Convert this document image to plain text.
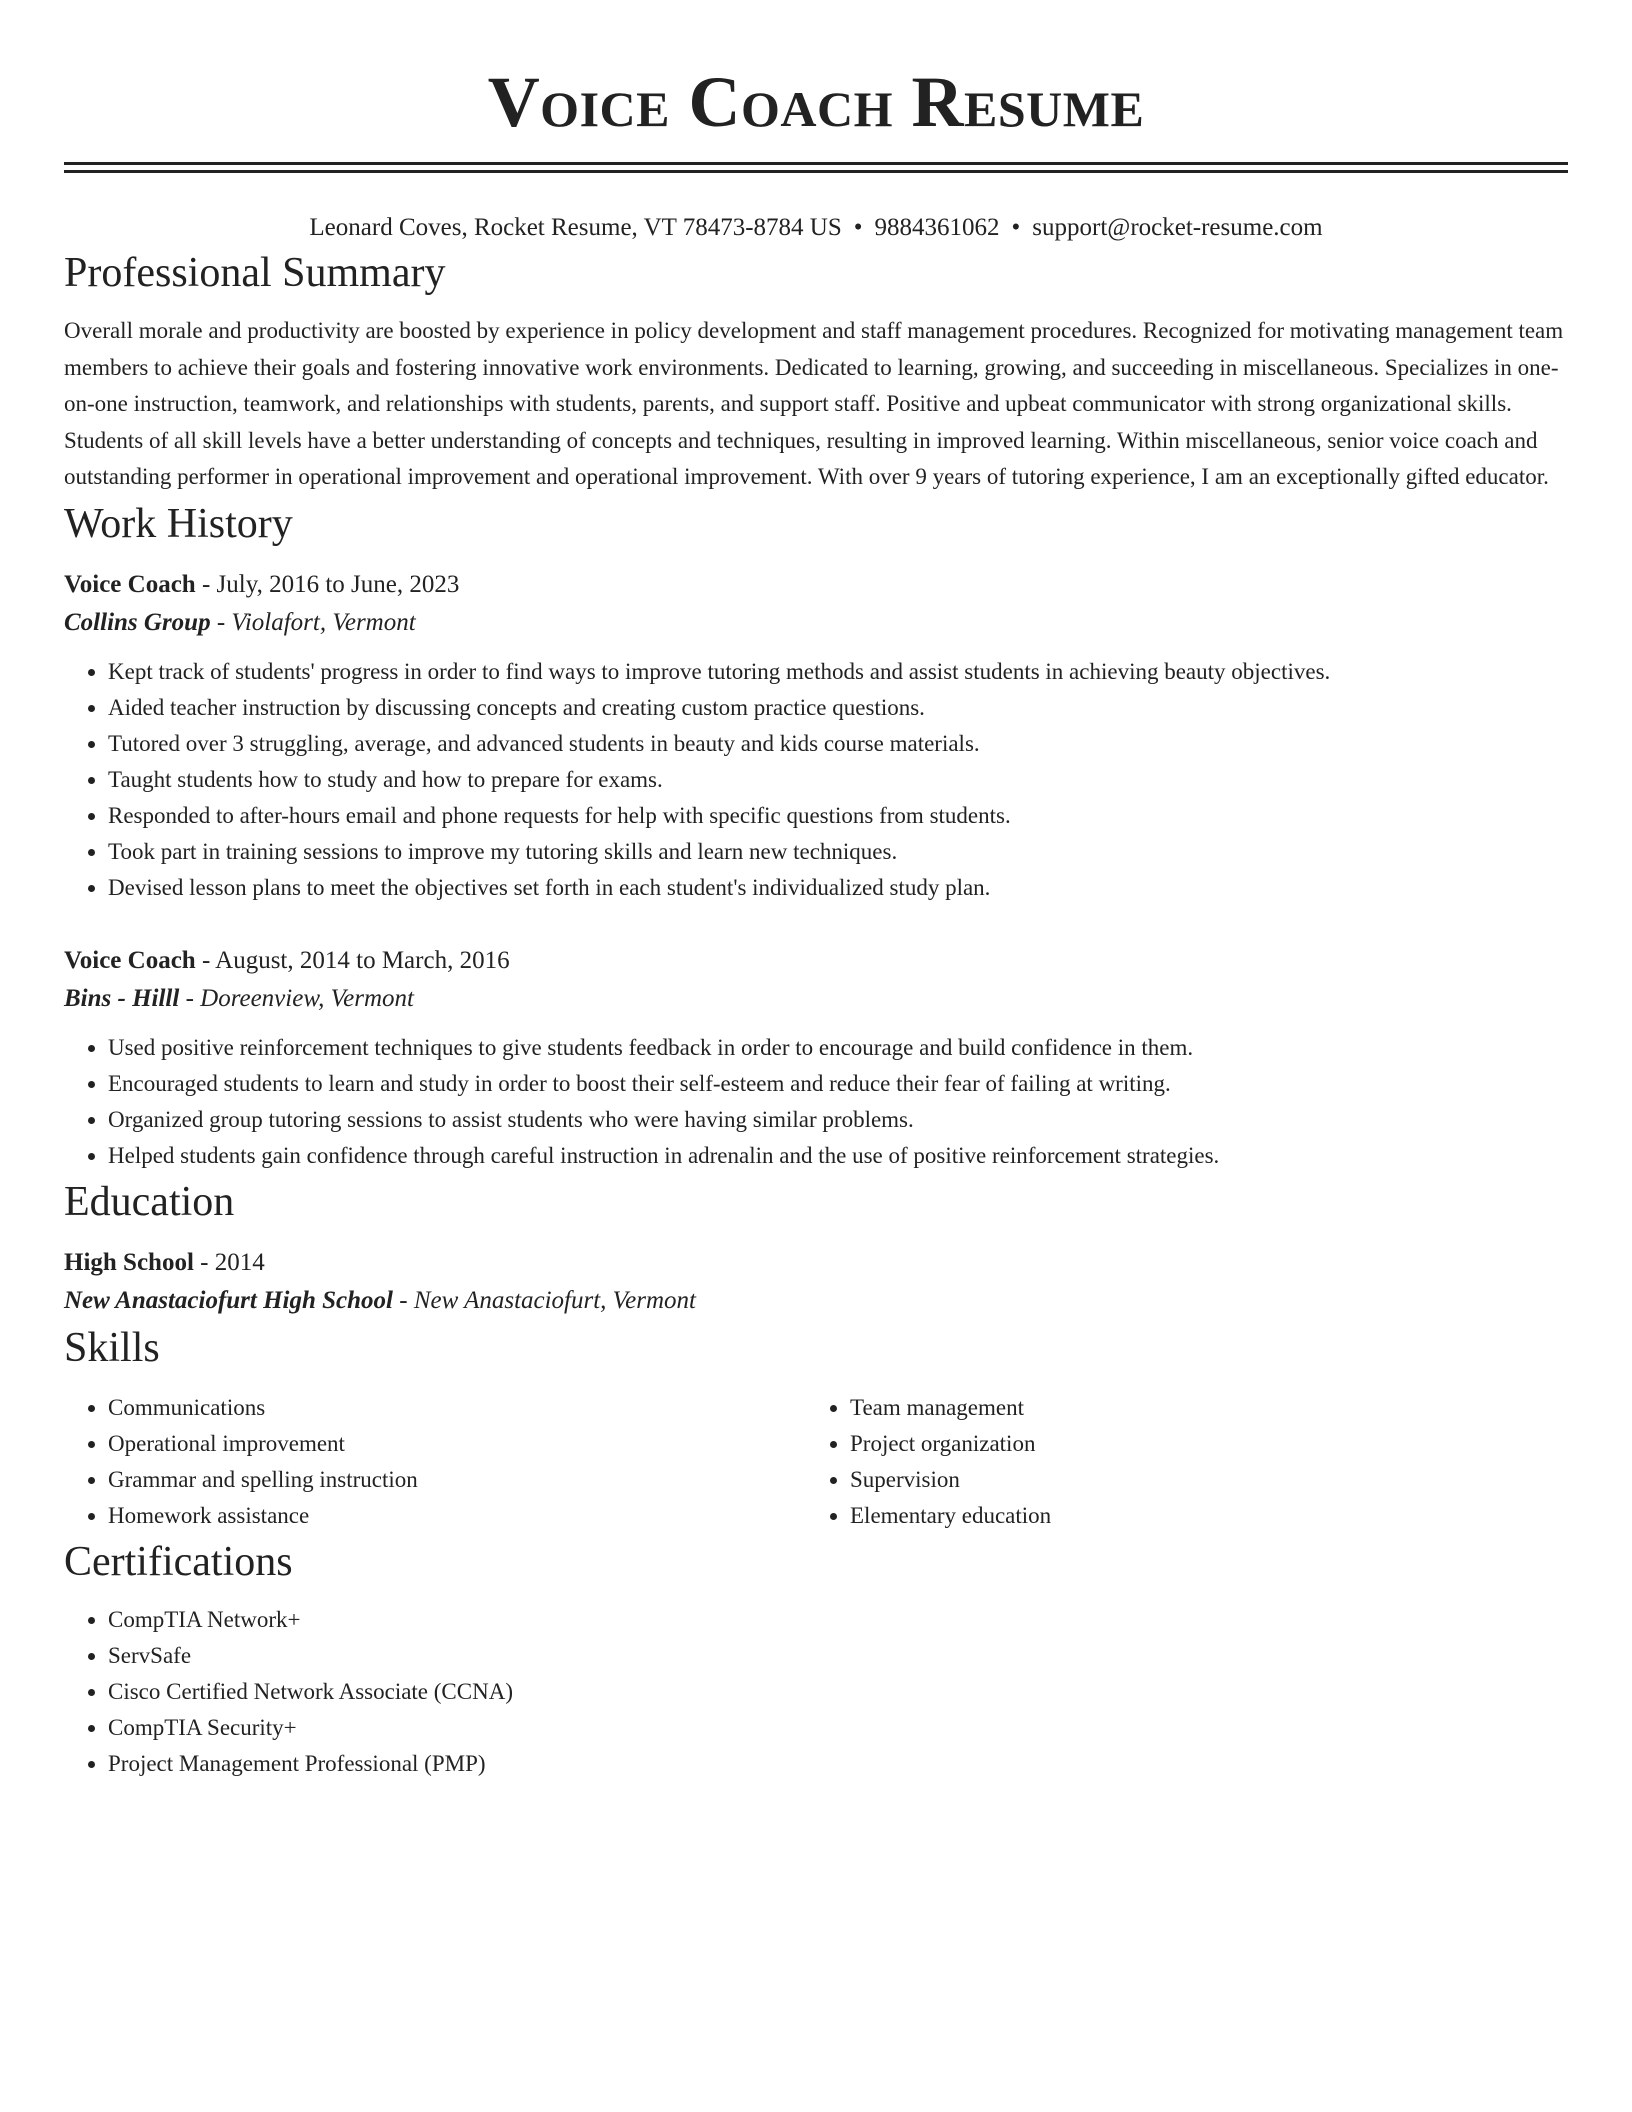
Voice Coach Resume
Leonard Coves, Rocket Resume, VT 78473-8784 US • 9884361062 • support@rocket-resume.com
Professional Summary
Overall morale and productivity are boosted by experience in policy development and staff management procedures. Recognized for motivating management team members to achieve their goals and fostering innovative work environments. Dedicated to learning, growing, and succeeding in miscellaneous. Specializes in one-on-one instruction, teamwork, and relationships with students, parents, and support staff. Positive and upbeat communicator with strong organizational skills. Students of all skill levels have a better understanding of concepts and techniques, resulting in improved learning. Within miscellaneous, senior voice coach and outstanding performer in operational improvement and operational improvement. With over 9 years of tutoring experience, I am an exceptionally gifted educator.
Work History
Voice Coach - July, 2016 to June, 2023
Collins Group - Violafort, Vermont
• Kept track of students' progress in order to find ways to improve tutoring methods and assist students in achieving beauty objectives.
• Aided teacher instruction by discussing concepts and creating custom practice questions.
• Tutored over 3 struggling, average, and advanced students in beauty and kids course materials.
• Taught students how to study and how to prepare for exams.
• Responded to after-hours email and phone requests for help with specific questions from students.
• Took part in training sessions to improve my tutoring skills and learn new techniques.
• Devised lesson plans to meet the objectives set forth in each student's individualized study plan.
Voice Coach - August, 2014 to March, 2016
Bins - Hilll - Doreenview, Vermont
• Used positive reinforcement techniques to give students feedback in order to encourage and build confidence in them.
• Encouraged students to learn and study in order to boost their self-esteem and reduce their fear of failing at writing.
• Organized group tutoring sessions to assist students who were having similar problems.
• Helped students gain confidence through careful instruction in adrenalin and the use of positive reinforcement strategies.
Education
High School - 2014
New Anastaciofurt High School - New Anastaciofurt, Vermont
Skills
• Communications
• Operational improvement
• Grammar and spelling instruction
• Homework assistance
• Team management
• Project organization
• Supervision
• Elementary education
Certifications
• CompTIA Network+
• ServSafe
• Cisco Certified Network Associate (CCNA)
• CompTIA Security+
• Project Management Professional (PMP)
